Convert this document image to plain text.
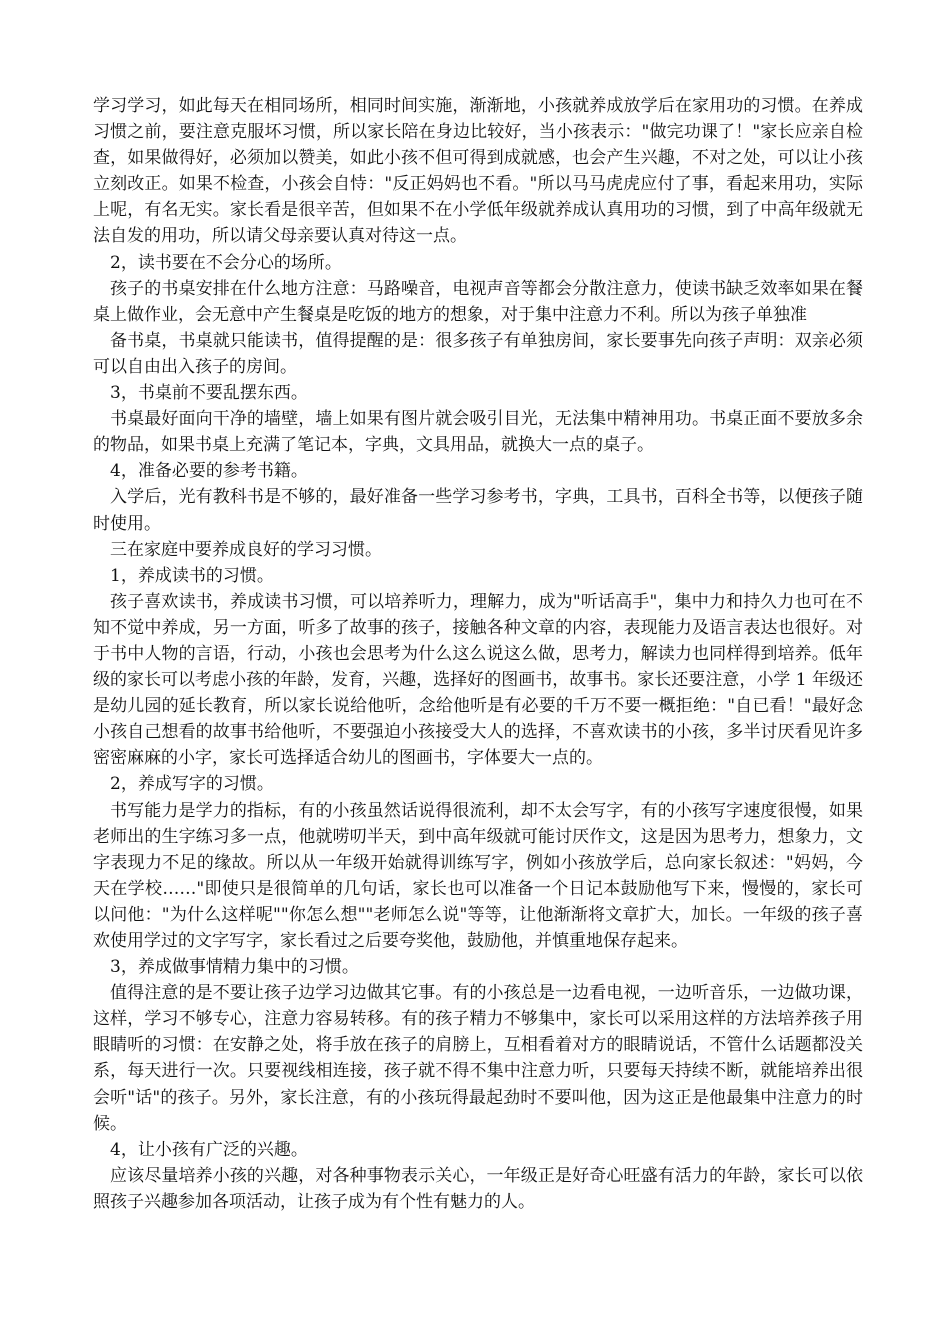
学习学习，如此每天在相同场所，相同时间实施，渐渐地，小孩就养成放学后在家用功的习惯。在养成习惯之前，要注意克服坏习惯，所以家长陪在身边比较好，当小孩表示："做完功课了！"家长应亲自检查，如果做得好，必须加以赞美，如此小孩不但可得到成就感，也会产生兴趣，不对之处，可以让小孩立刻改正。如果不检查，小孩会自恃："反正妈妈也不看。"所以马马虎虎应付了事，看起来用功，实际上呢，有名无实。家长看是很辛苦，但如果不在小学低年级就养成认真用功的习惯，到了中高年级就无法自发的用功，所以请父母亲要认真对待这一点。

2，读书要在不会分心的场所。

孩子的书桌安排在什么地方注意：马路噪音，电视声音等都会分散注意力，使读书缺乏效率如果在餐桌上做作业，会无意中产生餐桌是吃饭的地方的想象，对于集中注意力不利。所以为孩子单独准

备书桌，书桌就只能读书，值得提醒的是：很多孩子有单独房间，家长要事先向孩子声明：双亲必须可以自由出入孩子的房间。

3，书桌前不要乱摆东西。

书桌最好面向干净的墙壁，墙上如果有图片就会吸引目光，无法集中精神用功。书桌正面不要放多余的物品，如果书桌上充满了笔记本，字典，文具用品，就换大一点的桌子。

4，准备必要的参考书籍。

入学后，光有教科书是不够的，最好准备一些学习参考书，字典，工具书，百科全书等，以便孩子随时使用。

三在家庭中要养成良好的学习习惯。

1，养成读书的习惯。

孩子喜欢读书，养成读书习惯，可以培养听力，理解力，成为"听话高手"，集中力和持久力也可在不知不觉中养成，另一方面，听多了故事的孩子，接触各种文章的内容，表现能力及语言表达也很好。对于书中人物的言语，行动，小孩也会思考为什么这么说这么做，思考力，解读力也同样得到培养。低年级的家长可以考虑小孩的年龄，发育，兴趣，选择好的图画书，故事书。家长还要注意，小学 1 年级还是幼儿园的延长教育，所以家长说给他听，念给他听是有必要的千万不要一概拒绝："自已看！"最好念小孩自己想看的故事书给他听，不要强迫小孩接受大人的选择，不喜欢读书的小孩，多半讨厌看见许多密密麻麻的小字，家长可选择适合幼儿的图画书，字体要大一点的。

2，养成写字的习惯。

书写能力是学力的指标，有的小孩虽然话说得很流利，却不太会写字，有的小孩写字速度很慢，如果老师出的生字练习多一点，他就唠叨半天，到中高年级就可能讨厌作文，这是因为思考力，想象力，文字表现力不足的缘故。所以从一年级开始就得训练写字，例如小孩放学后，总向家长叙述："妈妈，今天在学校……"即使只是很简单的几句话，家长也可以准备一个日记本鼓励他写下来，慢慢的，家长可以问他："为什么这样呢""你怎么想""老师怎么说"等等，让他渐渐将文章扩大，加长。一年级的孩子喜欢使用学过的文字写字，家长看过之后要夸奖他，鼓励他，并慎重地保存起来。

3，养成做事情精力集中的习惯。

值得注意的是不要让孩子边学习边做其它事。有的小孩总是一边看电视，一边听音乐，一边做功课，这样，学习不够专心，注意力容易转移。有的孩子精力不够集中，家长可以采用这样的方法培养孩子用眼睛听的习惯：在安静之处，将手放在孩子的肩膀上，互相看着对方的眼睛说话，不管什么话题都没关系，每天进行一次。只要视线相连接，孩子就不得不集中注意力听，只要每天持续不断，就能培养出很会听"话"的孩子。另外，家长注意，有的小孩玩得最起劲时不要叫他，因为这正是他最集中注意力的时候。

4，让小孩有广泛的兴趣。

应该尽量培养小孩的兴趣，对各种事物表示关心，一年级正是好奇心旺盛有活力的年龄，家长可以依照孩子兴趣参加各项活动，让孩子成为有个性有魅力的人。
